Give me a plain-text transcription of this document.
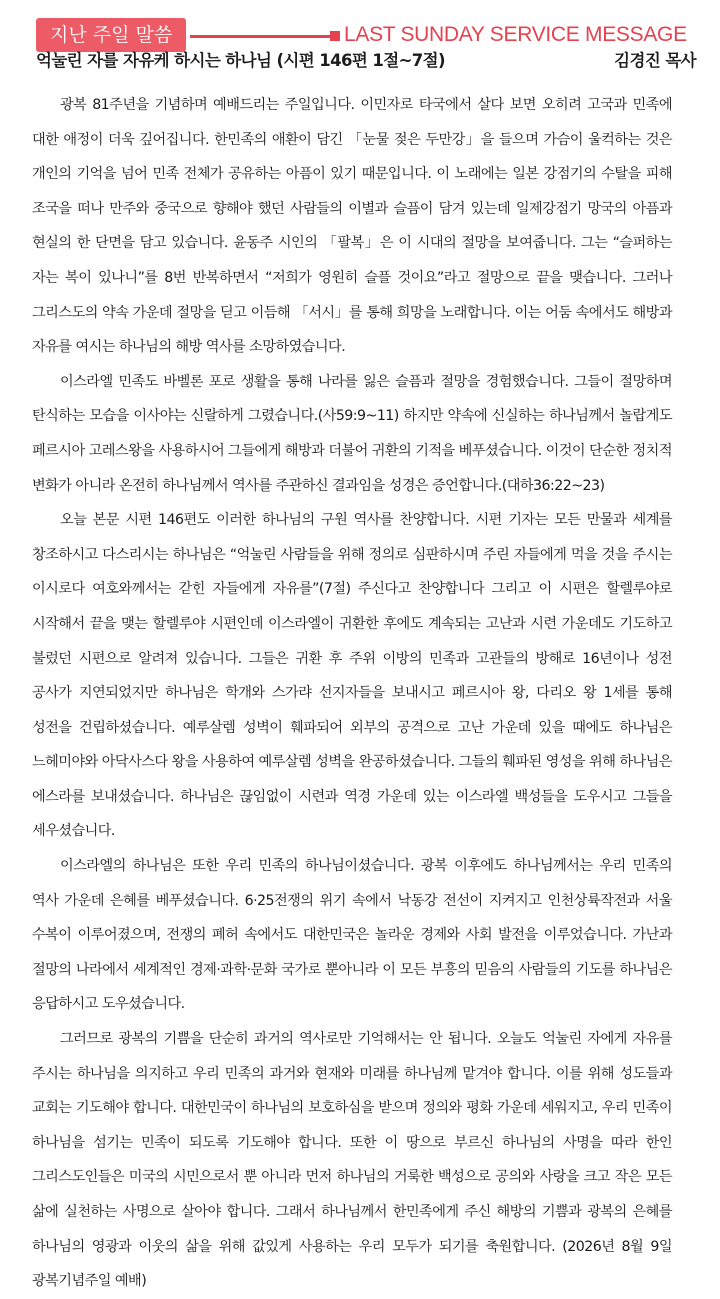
지난 주일 말씀	LAST SUNDAY SERVICE MESSAGE
억눌린 자를 자유케 하시는 하나님 (시편 146편 1절~7절)	김경진 목사

광복 81주년을 기념하며 예배드리는 주일입니다. 이민자로 타국에서 살다 보면 오히려 고국과 민족에 대한 애정이 더욱 깊어집니다. 한민족의 애환이 담긴 「눈물 젖은 두만강」을 들으며 가슴이 울컥하는 것은 개인의 기억을 넘어 민족 전체가 공유하는 아픔이 있기 때문입니다. 이 노래에는 일본 강점기의 수탈을 피해 조국을 떠나 만주와 중국으로 향해야 했던 사람들의 이별과 슬픔이 담겨 있는데 일제강점기 망국의 아픔과 현실의 한 단면을 담고 있습니다. 윤동주 시인의 「팔복」은 이 시대의 절망을 보여줍니다. 그는 “슬퍼하는 자는 복이 있나니”를 8번 반복하면서 “저희가 영원히 슬플 것이요”라고 절망으로 끝을 맺습니다. 그러나 그리스도의 약속 가운데 절망을 딛고 이듬해 「서시」를 통해 희망을 노래합니다. 이는 어둠 속에서도 해방과 자유를 여시는 하나님의 해방 역사를 소망하였습니다.

이스라엘 민족도 바벨론 포로 생활을 통해 나라를 잃은 슬픔과 절망을 경험했습니다. 그들이 절망하며 탄식하는 모습을 이사야는 신랄하게 그렸습니다.(사59:9~11) 하지만 약속에 신실하는 하나님께서 놀랍게도 페르시아 고레스왕을 사용하시어 그들에게 해방과 더불어 귀환의 기적을 베푸셨습니다. 이것이 단순한 정치적 변화가 아니라 온전히 하나님께서 역사를 주관하신 결과임을 성경은 증언합니다.(대하36:22~23)

오늘 본문 시편 146편도 이러한 하나님의 구원 역사를 찬양합니다. 시편 기자는 모든 만물과 세계를 창조하시고 다스리시는 하나님은 “억눌린 사람들을 위해 정의로 심판하시며 주린 자들에게 먹을 것을 주시는 이시로다 여호와께서는 갇힌 자들에게 자유를”(7절) 주신다고 찬양합니다 그리고 이 시편은 할렐루야로 시작해서 끝을 맺는 할렐루야 시편인데 이스라엘이 귀환한 후에도 계속되는 고난과 시련 가운데도 기도하고 불렀던 시편으로 알려져 있습니다. 그들은 귀환 후 주위 이방의 민족과 고관들의 방해로 16년이나 성전 공사가 지연되었지만 하나님은 학개와 스가랴 선지자들을 보내시고 페르시아 왕, 다리오 왕 1세를 통해 성전을 건립하셨습니다. 예루살렘 성벽이 훼파되어 외부의 공격으로 고난 가운데 있을 때에도 하나님은 느헤미야와 아닥사스다 왕을 사용하여 예루살렘 성벽을 완공하셨습니다. 그들의 훼파된 영성을 위해 하나님은 에스라를 보내셨습니다. 하나님은 끊임없이 시련과 역경 가운데 있는 이스라엘 백성들을 도우시고 그들을 세우셨습니다.

이스라엘의 하나님은 또한 우리 민족의 하나님이셨습니다. 광복 이후에도 하나님께서는 우리 민족의 역사 가운데 은혜를 베푸셨습니다. 6·25전쟁의 위기 속에서 낙동강 전선이 지켜지고 인천상륙작전과 서울 수복이 이루어졌으며, 전쟁의 폐허 속에서도 대한민국은 놀라운 경제와 사회 발전을 이루었습니다. 가난과 절망의 나라에서 세계적인 경제·과학·문화 국가로 뿐아니라 이 모든 부흥의 믿음의 사람들의 기도를 하나님은 응답하시고 도우셨습니다.

그러므로 광복의 기쁨을 단순히 과거의 역사로만 기억해서는 안 됩니다. 오늘도 억눌린 자에게 자유를 주시는 하나님을 의지하고 우리 민족의 과거와 현재와 미래를 하나님께 맡겨야 합니다. 이를 위해 성도들과 교회는 기도해야 합니다. 대한민국이 하나님의 보호하심을 받으며 정의와 평화 가운데 세워지고, 우리 민족이 하나님을 섬기는 민족이 되도록 기도해야 합니다. 또한 이 땅으로 부르신 하나님의 사명을 따라 한인 그리스도인들은 미국의 시민으로서 뿐 아니라 먼저 하나님의 거룩한 백성으로 공의와 사랑을 크고 작은 모든 삶에 실천하는 사명으로 살아야 합니다. 그래서 하나님께서 한민족에게 주신 해방의 기쁨과 광복의 은혜를 하나님의 영광과 이웃의 삶을 위해 값있게 사용하는 우리 모두가 되기를 축원합니다. (2026년 8월 9일 광복기념주일 예배)
